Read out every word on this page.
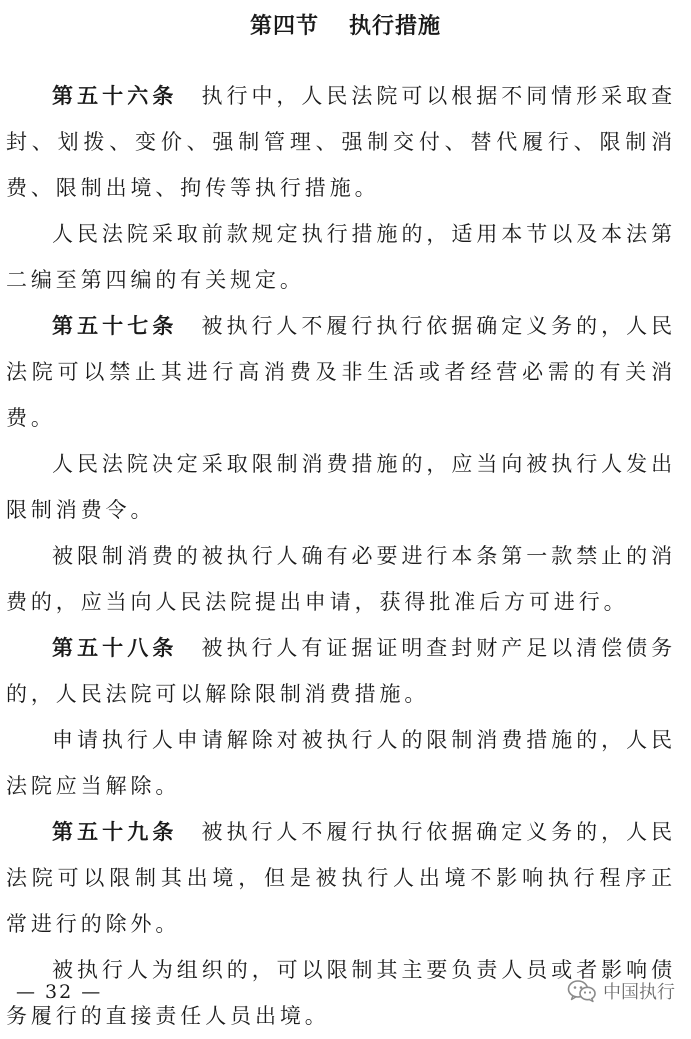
第四节 执行措施

第五十六条 执行中，人民法院可以根据不同情形采取查封、划拨、变价、强制管理、强制交付、替代履行、限制消费、限制出境、拘传等执行措施。

人民法院采取前款规定执行措施的，适用本节以及本法第二编至第四编的有关规定。

第五十七条 被执行人不履行执行依据确定义务的，人民法院可以禁止其进行高消费及非生活或者经营必需的有关消费。

人民法院决定采取限制消费措施的，应当向被执行人发出限制消费令。

被限制消费的被执行人确有必要进行本条第一款禁止的消费的，应当向人民法院提出申请，获得批准后方可进行。

第五十八条 被执行人有证据证明查封财产足以清偿债务的，人民法院可以解除限制消费措施。

申请执行人申请解除对被执行人的限制消费措施的，人民法院应当解除。

第五十九条 被执行人不履行执行依据确定义务的，人民法院可以限制其出境，但是被执行人出境不影响执行程序正常进行的除外。

被执行人为组织的，可以限制其主要负责人员或者影响债务履行的直接责任人员出境。

— 32 —	中国执行
